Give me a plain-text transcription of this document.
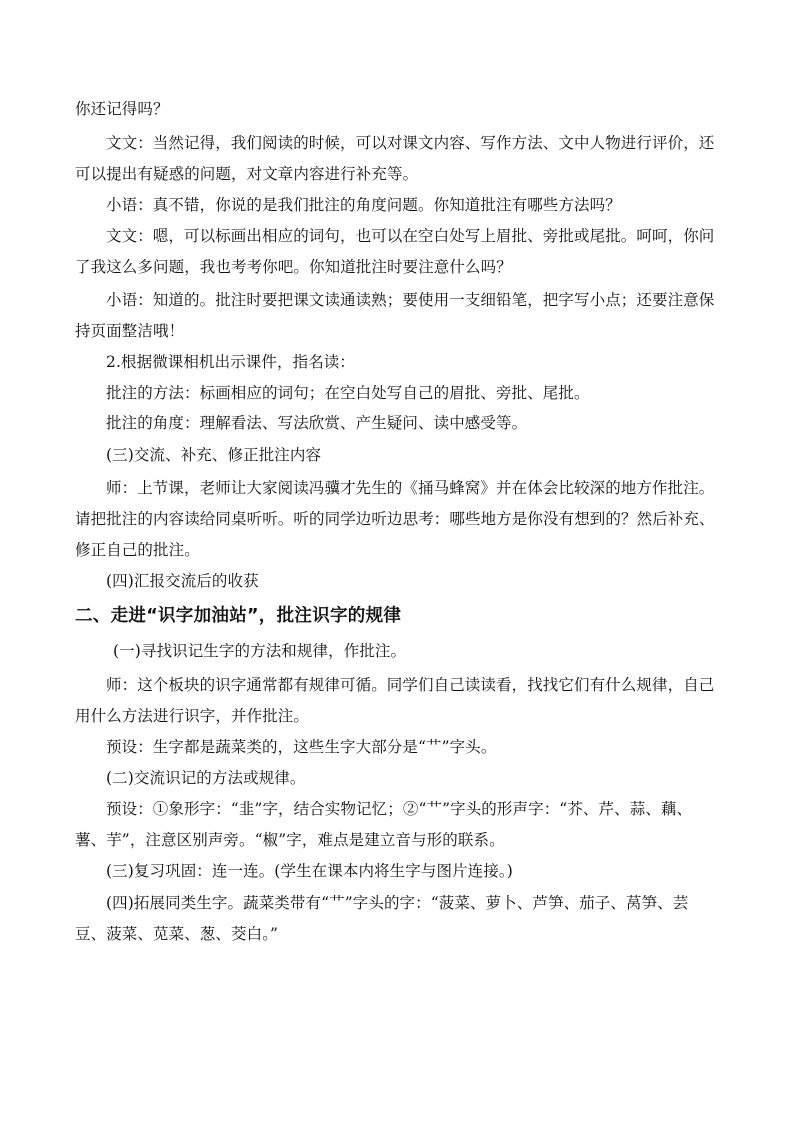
你还记得吗？
文文：当然记得，我们阅读的时候，可以对课文内容、写作方法、文中人物进行评价，还
可以提出有疑惑的问题，对文章内容进行补充等。
小语：真不错，你说的是我们批注的角度问题。你知道批注有哪些方法吗？
文文：嗯，可以标画出相应的词句，也可以在空白处写上眉批、旁批或尾批。呵呵，你问
了我这么多问题，我也考考你吧。你知道批注时要注意什么吗？
小语：知道的。批注时要把课文读通读熟；要使用一支细铅笔，把字写小点；还要注意保
持页面整洁哦！
2.根据微课相机出示课件，指名读：
批注的方法：标画相应的词句；在空白处写自己的眉批、旁批、尾批。
批注的角度：理解看法、写法欣赏、产生疑问、读中感受等。
(三)交流、补充、修正批注内容
师：上节课，老师让大家阅读冯骥才先生的《捅马蜂窝》并在体会比较深的地方作批注。
请把批注的内容读给同桌听听。听的同学边听边思考：哪些地方是你没有想到的？然后补充、
修正自己的批注。
(四)汇报交流后的收获
二、走进“识字加油站”，批注识字的规律
(一)寻找识记生字的方法和规律，作批注。
师：这个板块的识字通常都有规律可循。同学们自己读读看，找找它们有什么规律，自己
用什么方法进行识字，并作批注。
预设：生字都是蔬菜类的，这些生字大部分是“艹”字头。
(二)交流识记的方法或规律。
预设：①象形字：“韭”字，结合实物记忆；②“艹”字头的形声字：“芥、芹、蒜、藕、
薯、芋”，注意区别声旁。“椒”字，难点是建立音与形的联系。
(三)复习巩固：连一连。(学生在课本内将生字与图片连接。)
(四)拓展同类生字。蔬菜类带有“艹”字头的字：“菠菜、萝卜、芦笋、茄子、莴笋、芸
豆、菠菜、苋菜、葱、茭白。”
